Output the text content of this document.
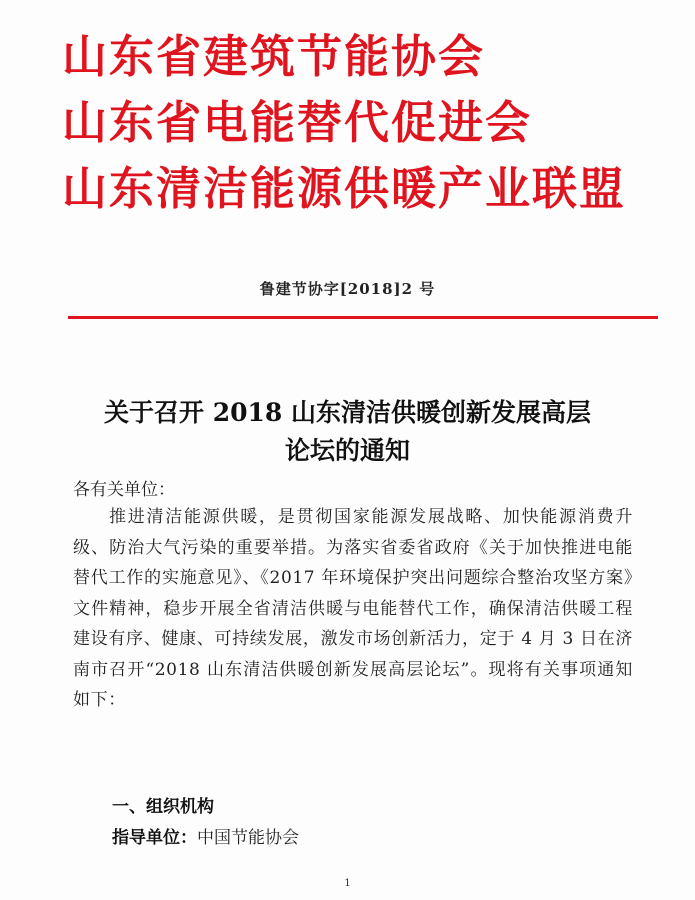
山东省建筑节能协会
山东省电能替代促进会
山东清洁能源供暖产业联盟
鲁建节协字[2018]2 号
关于召开 2018 山东清洁供暖创新发展高层
论坛的通知
各有关单位：
推进清洁能源供暖，是贯彻国家能源发展战略、加快能源消费升级、防治大气污染的重要举措。为落实省委省政府《关于加快推进电能替代工作的实施意见》、《2017 年环境保护突出问题综合整治攻坚方案》文件精神，稳步开展全省清洁供暖与电能替代工作，确保清洁供暖工程建设有序、健康、可持续发展，激发市场创新活力，定于 4 月 3 日在济南市召开“2018 山东清洁供暖创新发展高层论坛”。现将有关事项通知如下：
一、组织机构
指导单位：中国节能协会
1
